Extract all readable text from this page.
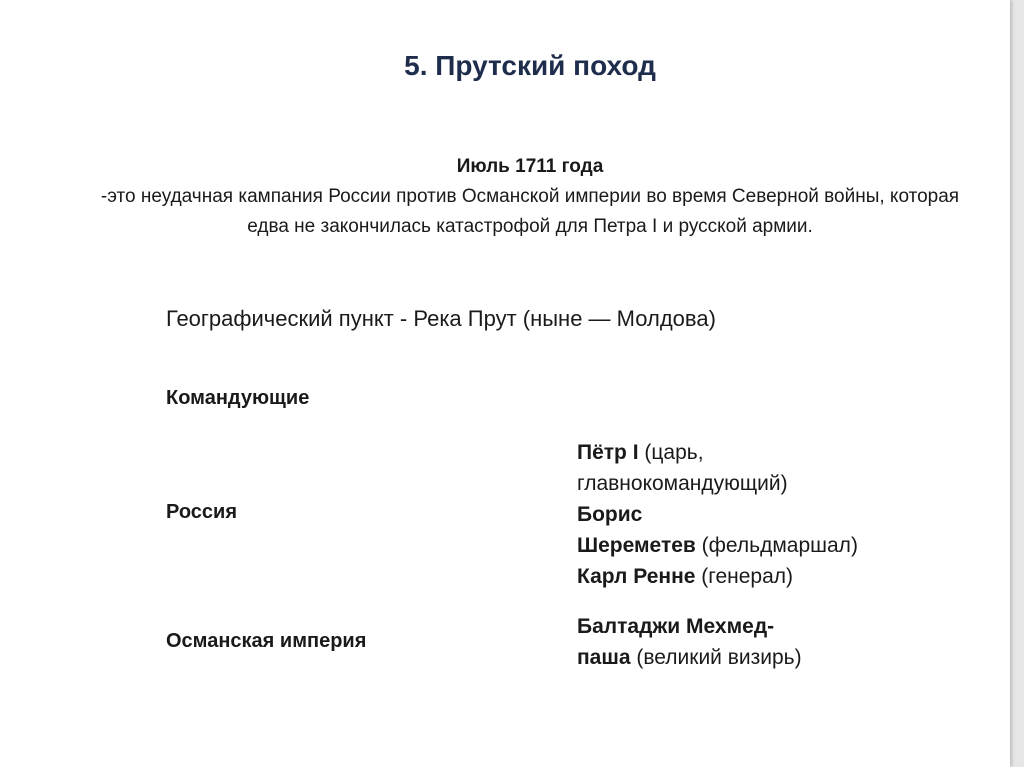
5. Прутский поход
Июль 1711 года
-это неудачная кампания России против Османской империи во время Северной войны, которая едва не закончилась катастрофой для Петра I и русской армии.
Географический пункт - Река Прут (ныне — Молдова)
Командующие
Россия
Пётр I (царь,
главнокомандующий)
Борис
Шереметев (фельдмаршал)
Карл Ренне (генерал)
Османская империя
Балтаджи Мехмед-
паша (великий визирь)
